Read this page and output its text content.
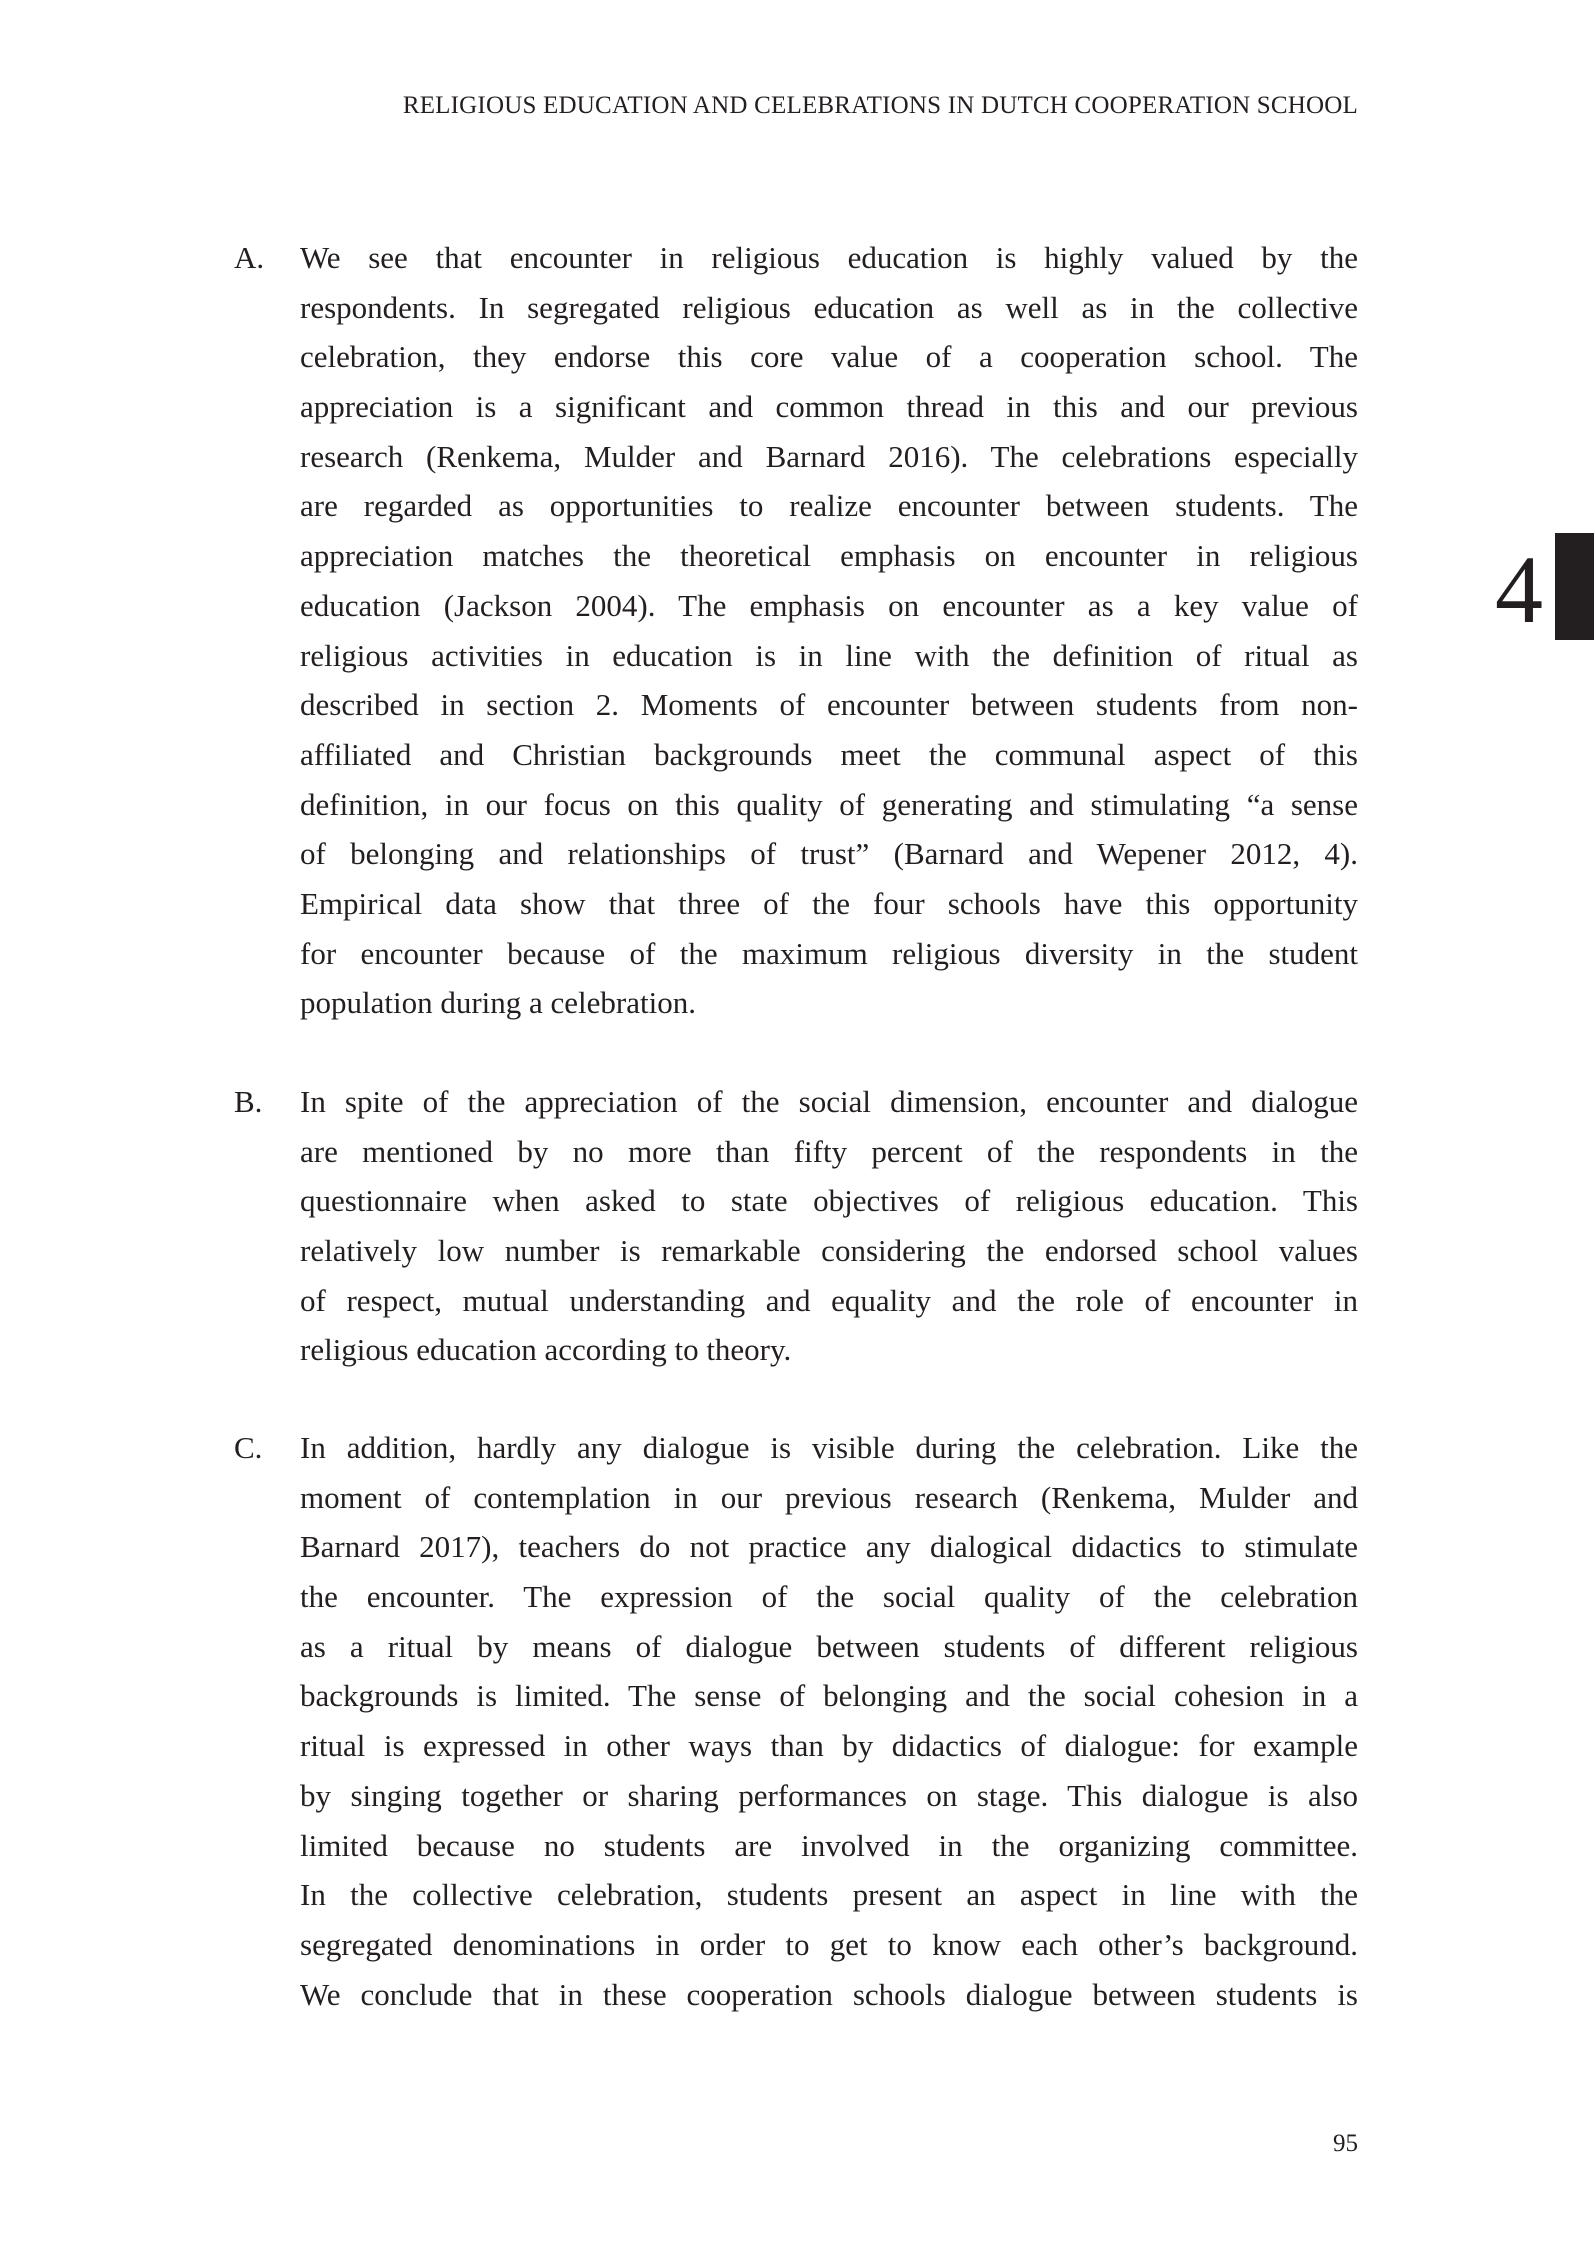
RELIGIOUS EDUCATION AND CELEBRATIONS IN DUTCH COOPERATION SCHOOL
4
A. We see that encounter in religious education is highly valued by the
respondents. In segregated religious education as well as in the collective
celebration, they endorse this core value of a cooperation school. The
appreciation is a significant and common thread in this and our previous
research (Renkema, Mulder and Barnard 2016). The celebrations especially
are regarded as opportunities to realize encounter between students. The
appreciation matches the theoretical emphasis on encounter in religious
education (Jackson 2004). The emphasis on encounter as a key value of
religious activities in education is in line with the definition of ritual as
described in section 2. Moments of encounter between students from non-
affiliated and Christian backgrounds meet the communal aspect of this
definition, in our focus on this quality of generating and stimulating “a sense
of belonging and relationships of trust” (Barnard and Wepener 2012, 4).
Empirical data show that three of the four schools have this opportunity
for encounter because of the maximum religious diversity in the student
population during a celebration.
B. In spite of the appreciation of the social dimension, encounter and dialogue
are mentioned by no more than fifty percent of the respondents in the
questionnaire when asked to state objectives of religious education. This
relatively low number is remarkable considering the endorsed school values
of respect, mutual understanding and equality and the role of encounter in
religious education according to theory.
C. In addition, hardly any dialogue is visible during the celebration. Like the
moment of contemplation in our previous research (Renkema, Mulder and
Barnard 2017), teachers do not practice any dialogical didactics to stimulate
the encounter. The expression of the social quality of the celebration
as a ritual by means of dialogue between students of different religious
backgrounds is limited. The sense of belonging and the social cohesion in a
ritual is expressed in other ways than by didactics of dialogue: for example
by singing together or sharing performances on stage. This dialogue is also
limited because no students are involved in the organizing committee.
In the collective celebration, students present an aspect in line with the
segregated denominations in order to get to know each other’s background.
We conclude that in these cooperation schools dialogue between students is
95
